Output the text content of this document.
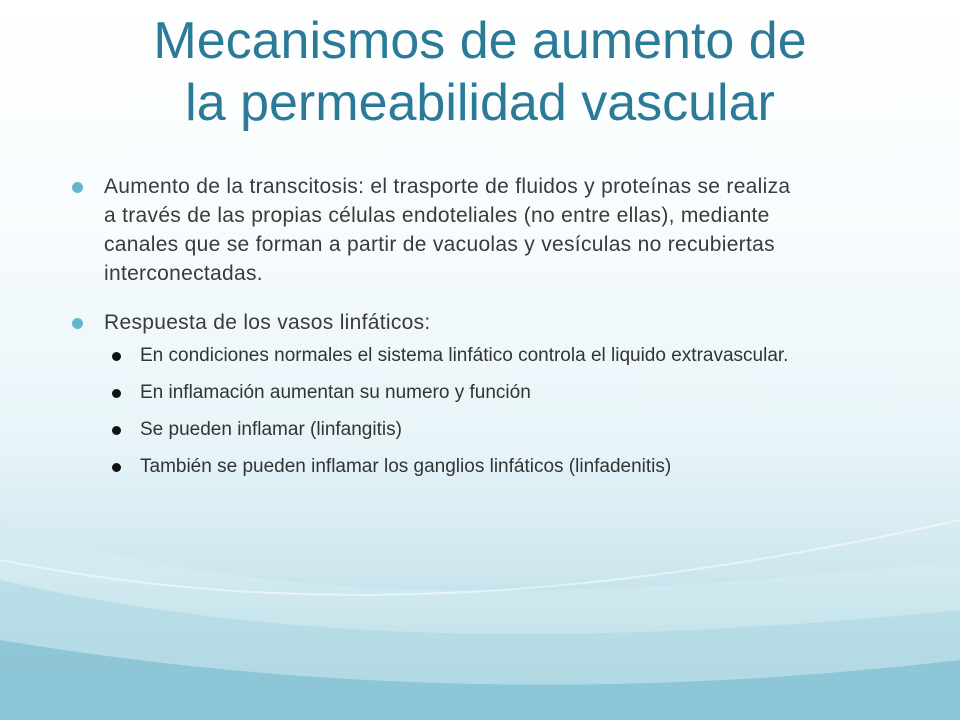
Mecanismos de aumento de
la permeabilidad vascular
Aumento de la transcitosis: el trasporte de fluidos y proteínas se realiza a través de las propias células endoteliales (no entre ellas), mediante canales que se forman a partir de vacuolas y vesículas no recubiertas interconectadas.
Respuesta de los vasos linfáticos:
En condiciones normales el sistema linfático controla el liquido extravascular.
En inflamación aumentan su numero y función
Se pueden inflamar (linfangitis)
También se pueden inflamar los ganglios linfáticos (linfadenitis)
